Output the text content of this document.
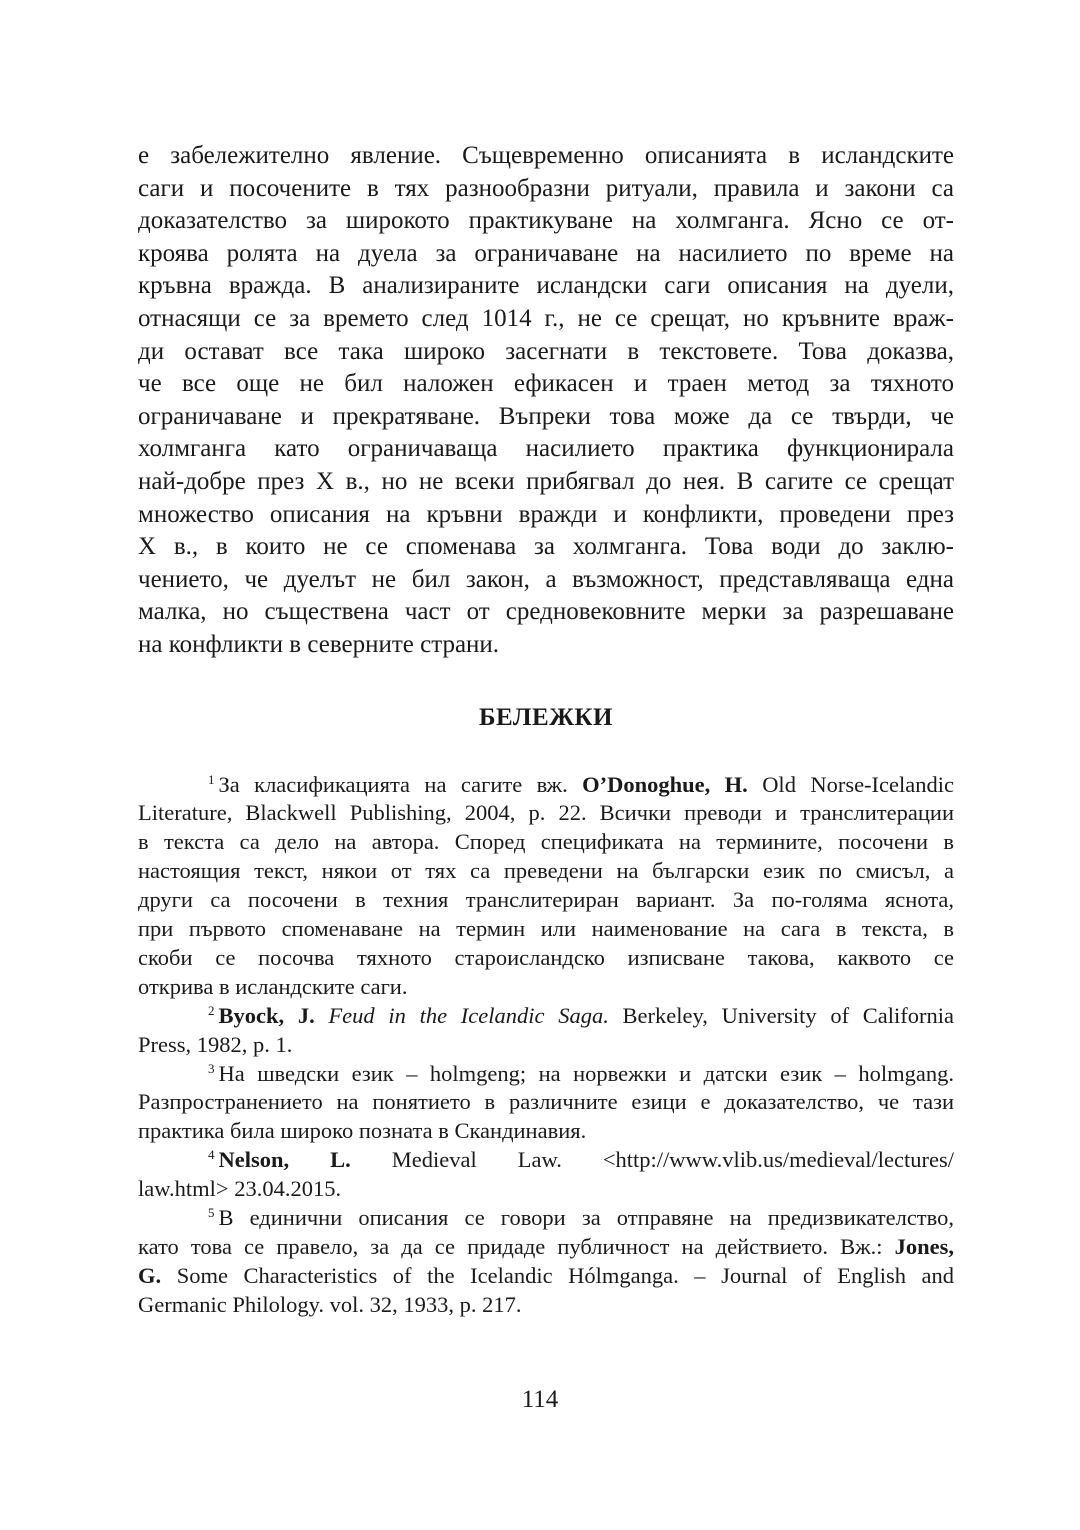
е забележително явление. Същевременно описанията в исландските
саги и посочените в тях разнообразни ритуали, правила и закони са
доказателство за широкото практикуване на холмганга. Ясно се от-
кроява ролята на дуела за ограничаване на насилието по време на
кръвна вражда. В анализираните исландски саги описания на дуели,
отнасящи се за времето след 1014 г., не се срещат, но кръвните враж-
ди остават все така широко засегнати в текстовете. Това доказва,
че все още не бил наложен ефикасен и траен метод за тяхното
ограничаване и прекратяване. Въпреки това може да се твърди, че
холмганга като ограничаваща насилието практика функционирала
най-добре през X в., но не всеки прибягвал до нея. В сагите се срещат
множество описания на кръвни вражди и конфликти, проведени през
X в., в които не се споменава за холмганга. Това води до заклю-
чението, че дуелът не бил закон, а възможност, представляваща една
малка, но съществена част от средновековните мерки за разрешаване
на конфликти в северните страни.

БЕЛЕЖКИ
$^1$ За класификацията на сагите вж. O’Donoghue, H. Old Norse-Icelandic
Literature, Blackwell Publishing, 2004, p. 22. Всички преводи и транслитерации
в текста са дело на автора. Според спецификата на термините, посочени в
настоящия текст, някои от тях са преведени на български език по смисъл, а
други са посочени в техния транслитериран вариант. За по-голяма яснота,
при първото споменаване на термин или наименование на сага в текста, в
скоби се посочва тяхното староисландско изписване такова, каквото се
открива в исландските саги.
$^2$ Byock, J. Feud in the Icelandic Saga. Berkeley, University of California
Press, 1982, p. 1.
$^3$ На шведски език – holmgeng; на норвежки и датски език – holmgang.
Разпространението на понятието в различните езици е доказателство, че тази
практика била широко позната в Скандинавия.
$^4$ Nelson, L. Medieval Law. <http://www.vlib.us/medieval/lectures/
law.html> 23.04.2015.
$^5$ В единични описания се говори за отправяне на предизвикателство,
като това се правело, за да се придаде публичност на действието. Вж.: Jones,
G. Some Characteristics of the Icelandic Hólmganga. – Journal of English and
Germanic Philology. vol. 32, 1933, p. 217.
114
